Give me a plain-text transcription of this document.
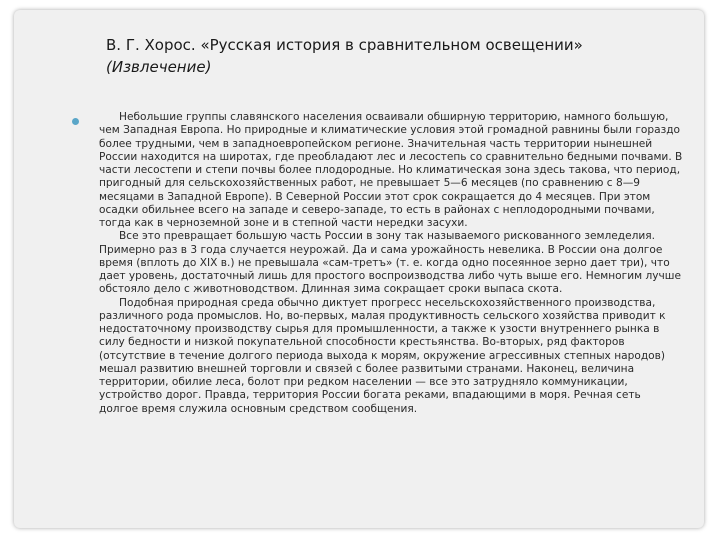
В. Г. Хорос. «Русская история в сравнительном освещении»
(Извлечение)

Небольшие группы славянского населения осваивали обширную территорию, намного большую, чем Западная Европа. Но природные и климатические условия этой громадной равнины были гораздо более трудными, чем в западноевропейском регионе. Значительная часть территории нынешней России находится на широтах, где преобладают лес и лесостепь со сравнительно бедными почвами. В части лесостепи и степи почвы более плодородные. Но климатическая зона здесь такова, что период, пригодный для сельскохозяйственных работ, не превышает 5—6 месяцев (по сравнению с 8—9 месяцами в Западной Европе). В Северной России этот срок сокращается до 4 месяцев. При этом осадки обильнее всего на западе и северо-западе, то есть в районах с неплодородными почвами, тогда как в черноземной зоне и в степной части нередки засухи.

Все это превращает большую часть России в зону так называемого рискованного земледелия. Примерно раз в 3 года случается неурожай. Да и сама урожайность невелика. В России она долгое время (вплоть до XIX в.) не превышала «сам-третъ» (т. е. когда одно посеянное зерно дает три), что дает уровень, достаточный лишь для простого воспроизводства либо чуть выше его. Немногим лучше обстояло дело с животноводством. Длинная зима сокращает сроки выпаса скота.

Подобная природная среда обычно диктует прогресс несельскохозяйственного производства, различного рода промыслов. Но, во-первых, малая продуктивность сельского хозяйства приводит к недостаточному производству сырья для промышленности, а также к узости внутреннего рынка в силу бедности и низкой покупательной способности крестьянства. Во-вторых, ряд факторов (отсутствие в течение долгого периода выхода к морям, окружение агрессивных степных народов) мешал развитию внешней торговли и связей с более развитыми странами. Наконец, величина территории, обилие леса, болот при редком населении — все это затрудняло коммуникации, устройство дорог. Правда, территория России богата реками, впадающими в моря. Речная сеть долгое время служила основным средством сообщения.
